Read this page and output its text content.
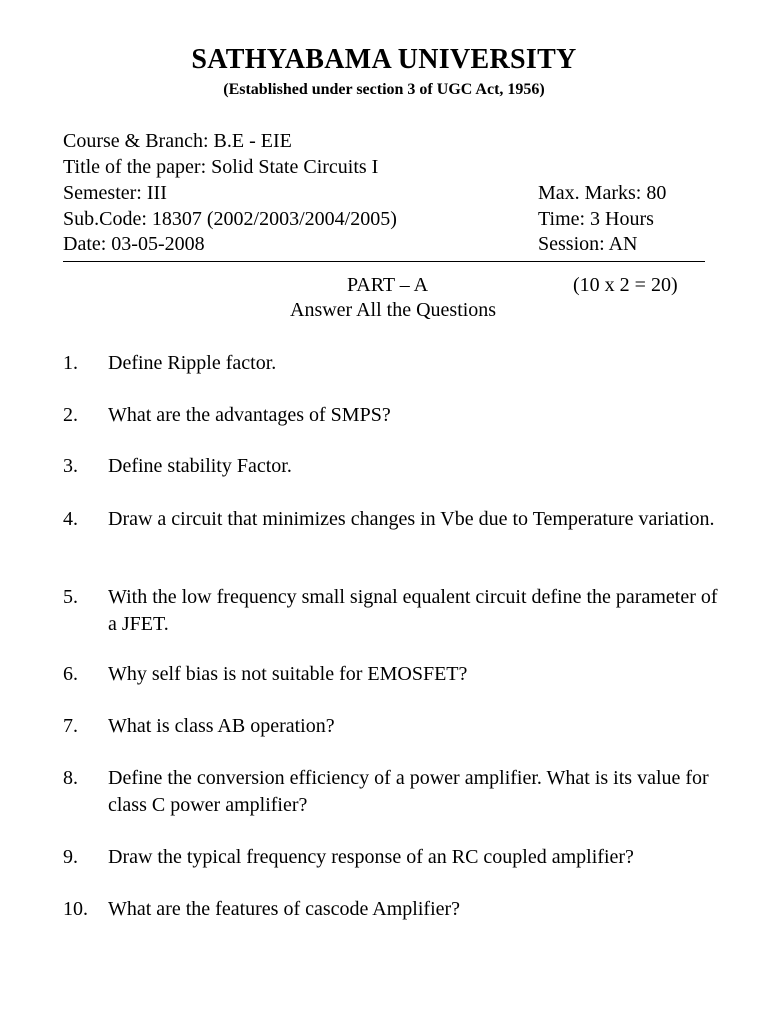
SATHYABAMA UNIVERSITY
(Established under section 3 of UGC Act, 1956)
Course & Branch: B.E - EIE
Title of the paper: Solid State Circuits I
Semester: III
Sub.Code: 18307 (2002/2003/2004/2005)
Date: 03-05-2008
Max. Marks: 80
Time: 3 Hours
Session: AN
PART – A	(10 x 2 = 20)
Answer All the Questions
1. Define Ripple factor.
2. What are the advantages of SMPS?
3. Define stability Factor.
4. Draw a circuit that minimizes changes in Vbe due to Temperature variation.
5. With the low frequency small signal equalent circuit define the parameter of a JFET.
6. Why self bias is not suitable for EMOSFET?
7. What is class AB operation?
8. Define the conversion efficiency of a power amplifier. What is its value for class C power amplifier?
9. Draw the typical frequency response of an RC coupled amplifier?
10. What are the features of cascode Amplifier?
